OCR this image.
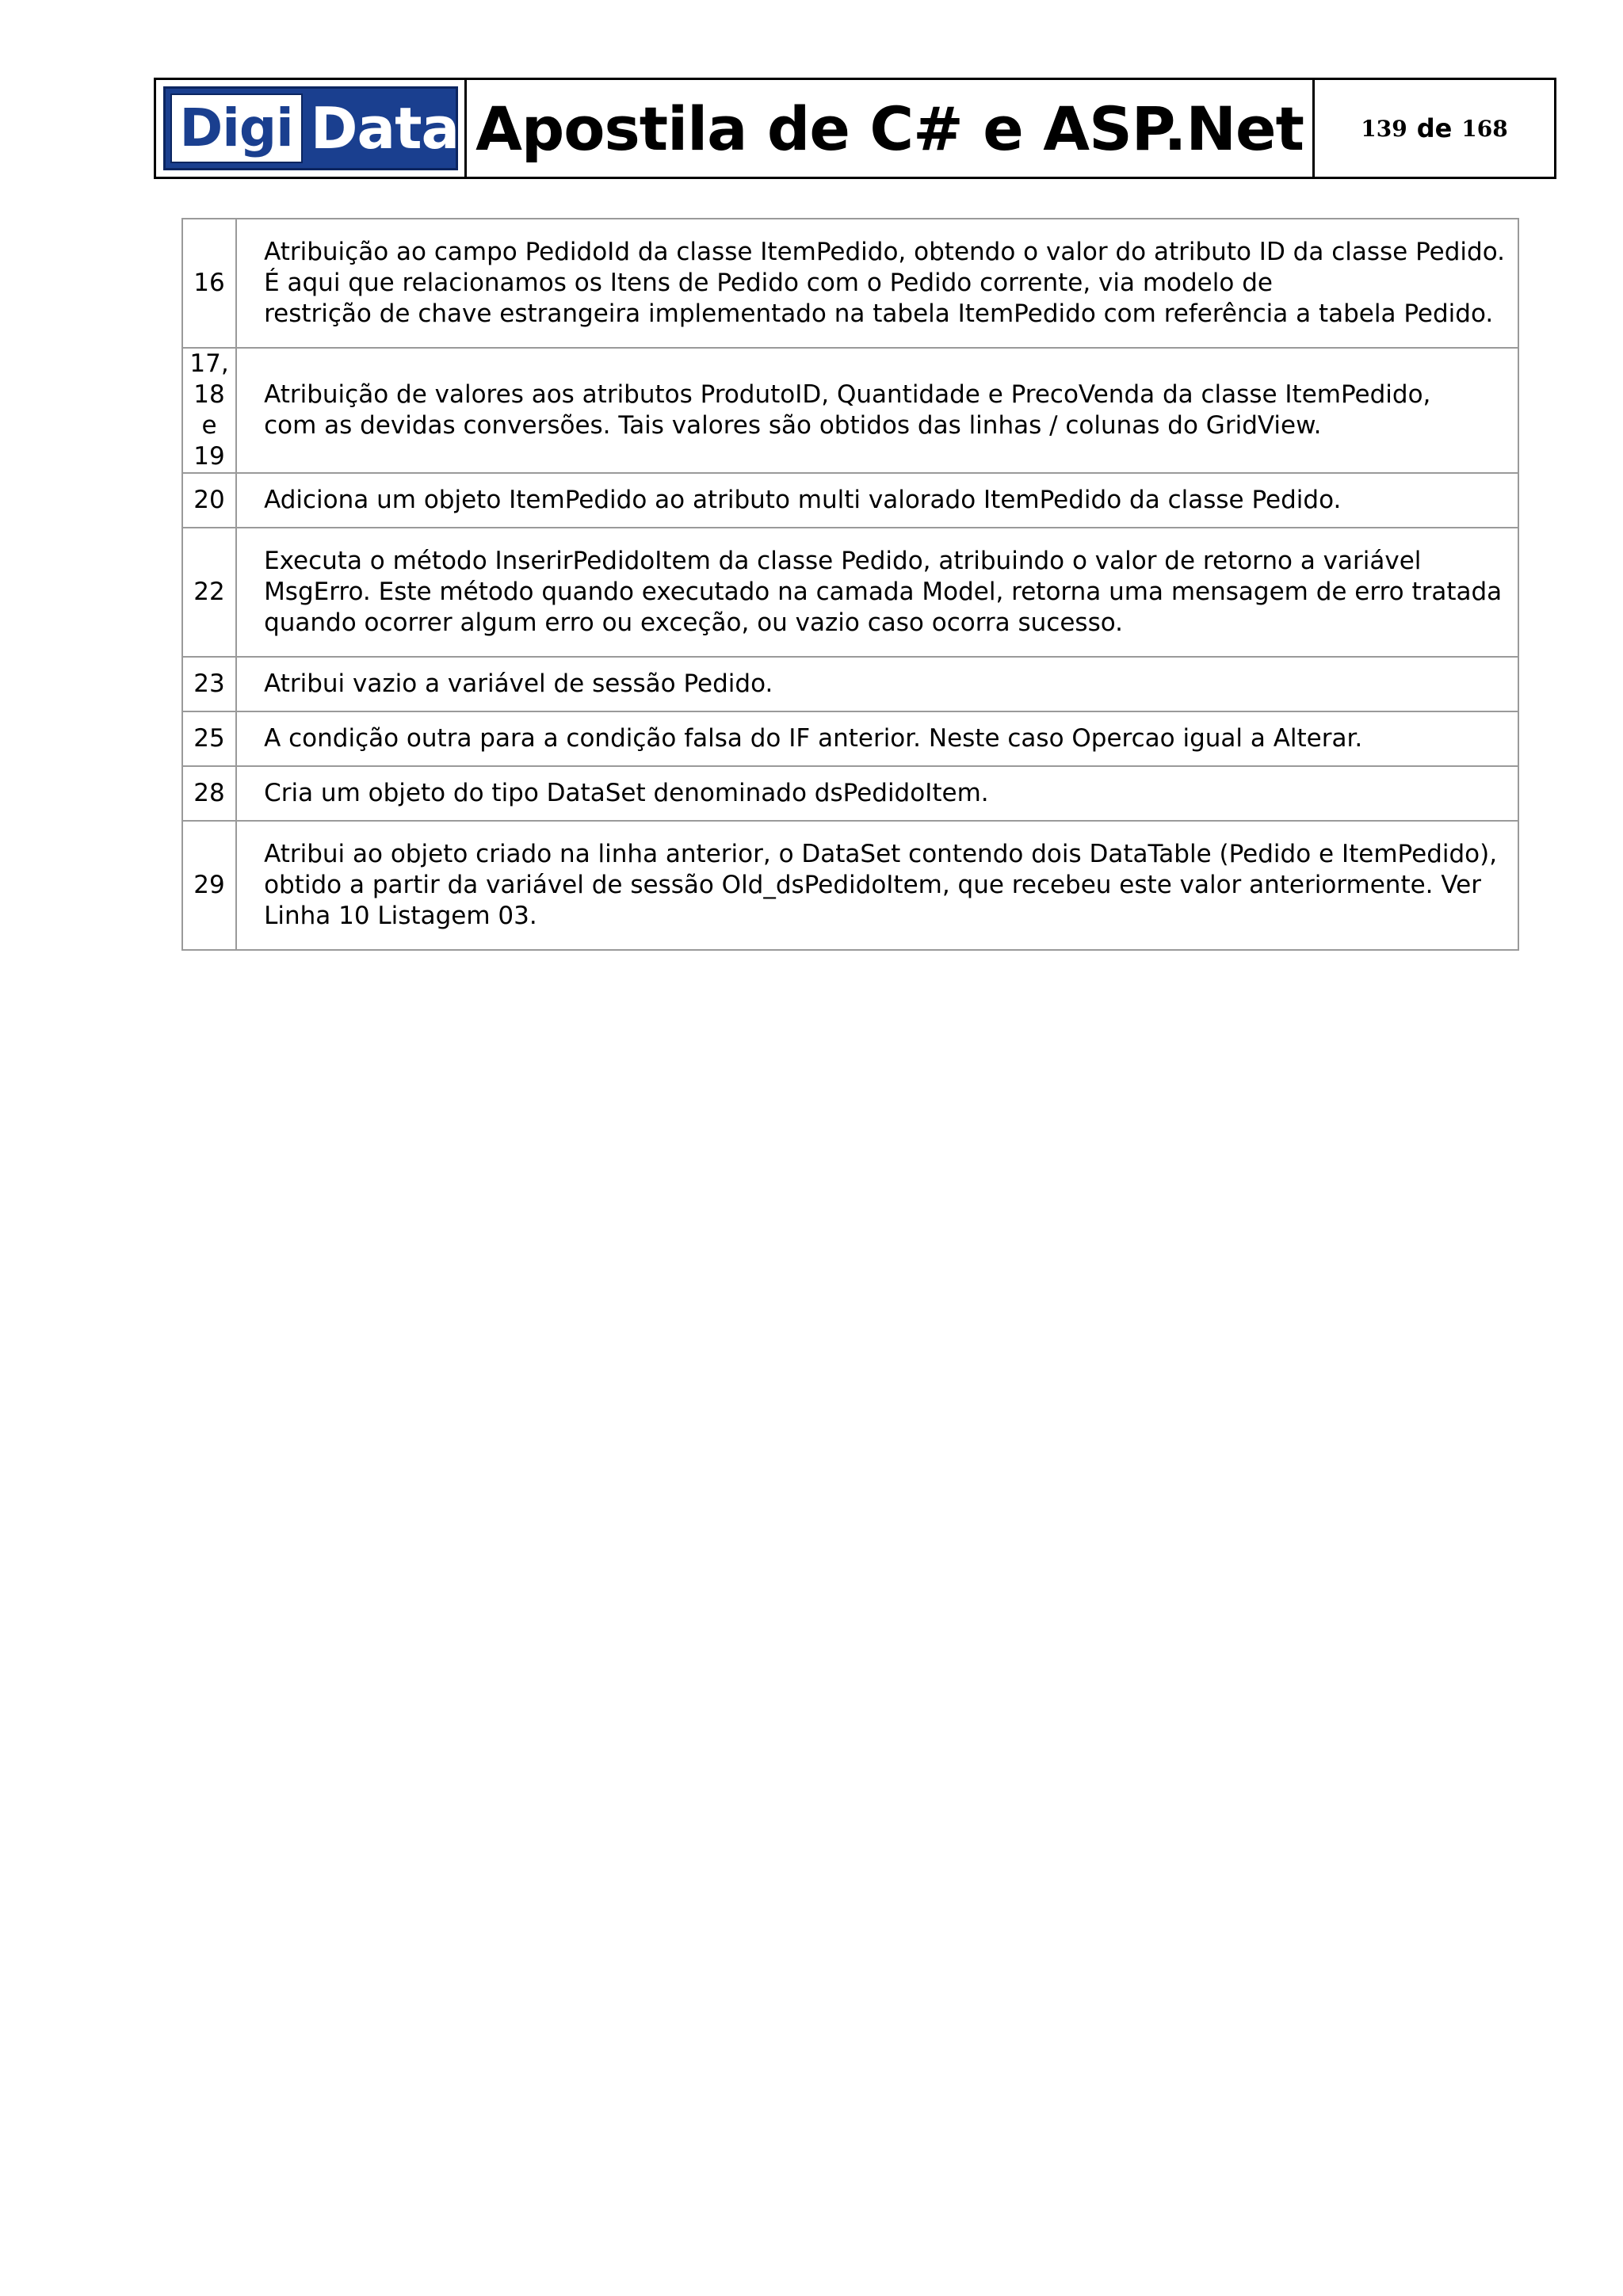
Digi Data Apostila de C# e ASP.Net	139 de 168
16	Atribuição ao campo PedidoId da classe ItemPedido, obtendo o valor do atributo ID da classe Pedido.
É aqui que relacionamos os Itens de Pedido com o Pedido corrente, via modelo de
restrição de chave estrangeira implementado na tabela ItemPedido com referência a tabela Pedido.

17, 18 e 19	Atribuição de valores aos atributos ProdutoID, Quantidade e PrecoVenda da classe ItemPedido,
com as devidas conversões. Tais valores são obtidos das linhas / colunas do GridView.

20	Adiciona um objeto ItemPedido ao atributo multi valorado ItemPedido da classe Pedido.

22	Executa o método InserirPedidoItem da classe Pedido, atribuindo o valor de retorno a variável
MsgErro. Este método quando executado na camada Model, retorna uma mensagem de erro tratada
quando ocorrer algum erro ou exceção, ou vazio caso ocorra sucesso.

23	Atribui vazio a variável de sessão Pedido.

25	A condição outra para a condição falsa do IF anterior. Neste caso Opercao igual a Alterar.

28	Cria um objeto do tipo DataSet denominado dsPedidoItem.

29	Atribui ao objeto criado na linha anterior, o DataSet contendo dois DataTable (Pedido e ItemPedido),
obtido a partir da variável de sessão Old_dsPedidoItem, que recebeu este valor anteriormente. Ver
Linha 10 Listagem 03.
